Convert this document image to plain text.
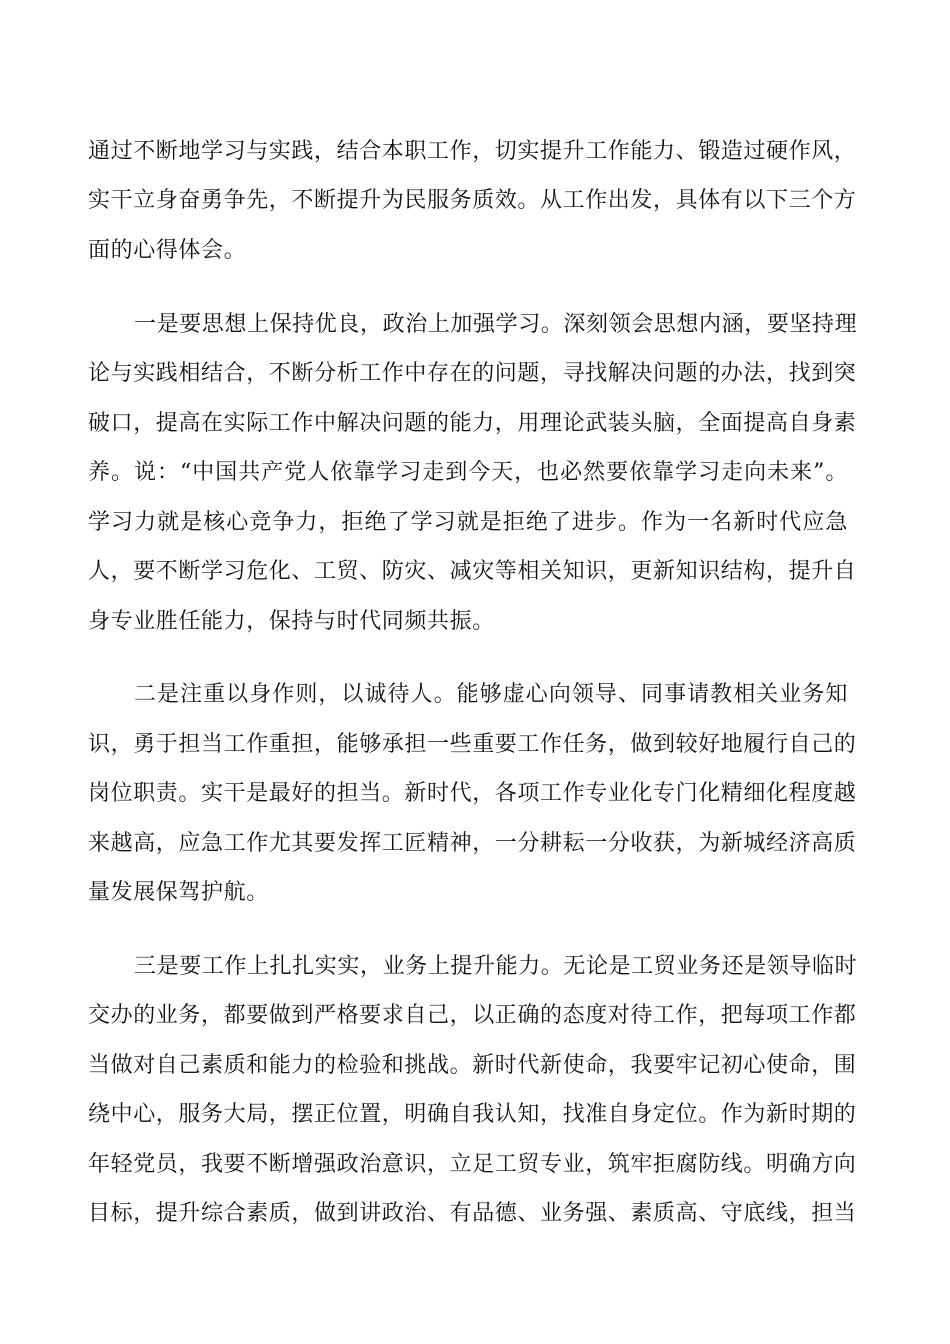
通过不断地学习与实践，结合本职工作，切实提升工作能力、锻造过硬作风，
实干立身奋勇争先，不断提升为民服务质效。从工作出发，具体有以下三个方
面的心得体会。
一是要思想上保持优良，政治上加强学习。深刻领会思想内涵，要坚持理
论与实践相结合，不断分析工作中存在的问题，寻找解决问题的办法，找到突
破口，提高在实际工作中解决问题的能力，用理论武装头脑，全面提高自身素
养。说：“中国共产党人依靠学习走到今天，也必然要依靠学习走向未来”。
学习力就是核心竞争力，拒绝了学习就是拒绝了进步。作为一名新时代应急
人，要不断学习危化、工贸、防灾、减灾等相关知识，更新知识结构，提升自
身专业胜任能力，保持与时代同频共振。
二是注重以身作则，以诚待人。能够虚心向领导、同事请教相关业务知
识，勇于担当工作重担，能够承担一些重要工作任务，做到较好地履行自己的
岗位职责。实干是最好的担当。新时代，各项工作专业化专门化精细化程度越
来越高，应急工作尤其要发挥工匠精神，一分耕耘一分收获，为新城经济高质
量发展保驾护航。
三是要工作上扎扎实实，业务上提升能力。无论是工贸业务还是领导临时
交办的业务，都要做到严格要求自己，以正确的态度对待工作，把每项工作都
当做对自己素质和能力的检验和挑战。新时代新使命，我要牢记初心使命，围
绕中心，服务大局，摆正位置，明确自我认知，找准自身定位。作为新时期的
年轻党员，我要不断增强政治意识，立足工贸专业，筑牢拒腐防线。明确方向
目标，提升综合素质，做到讲政治、有品德、业务强、素质高、守底线，担当
